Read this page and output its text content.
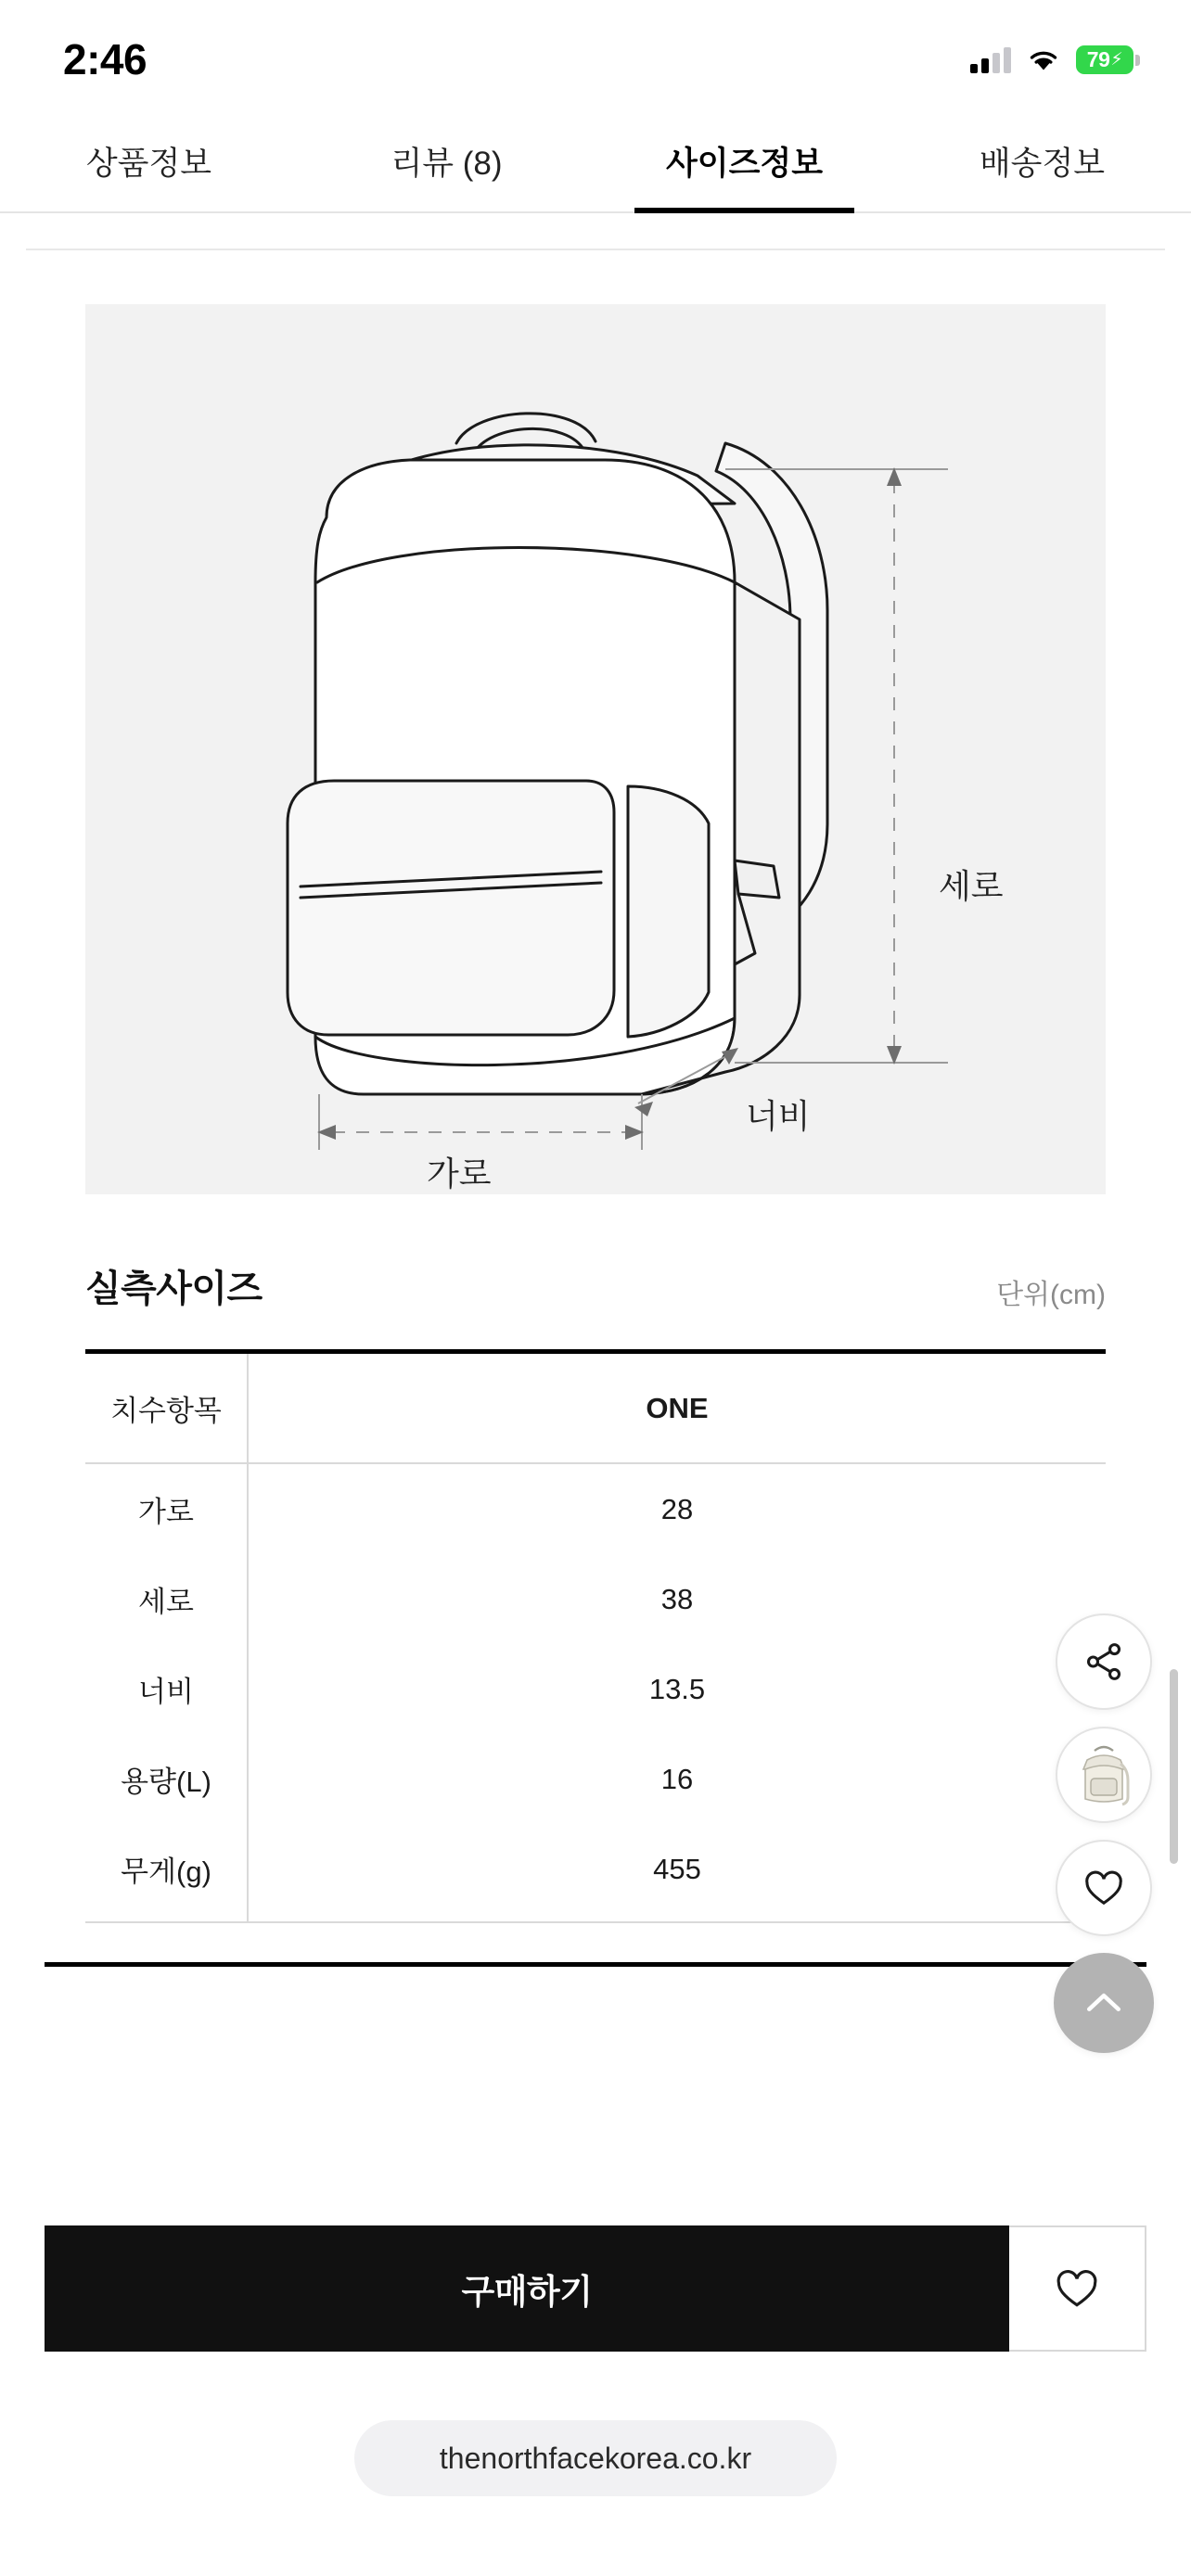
2:46	79 ⚡
상품정보	리뷰 (8)	사이즈정보	배송정보
세로
가로
너비
실측사이즈	단위(cm)
치수항목	ONE
가로	28
세로	38
너비	13.5
용량(L)	16
무게(g)	455
구매하기
thenorthfacekorea.co.kr
